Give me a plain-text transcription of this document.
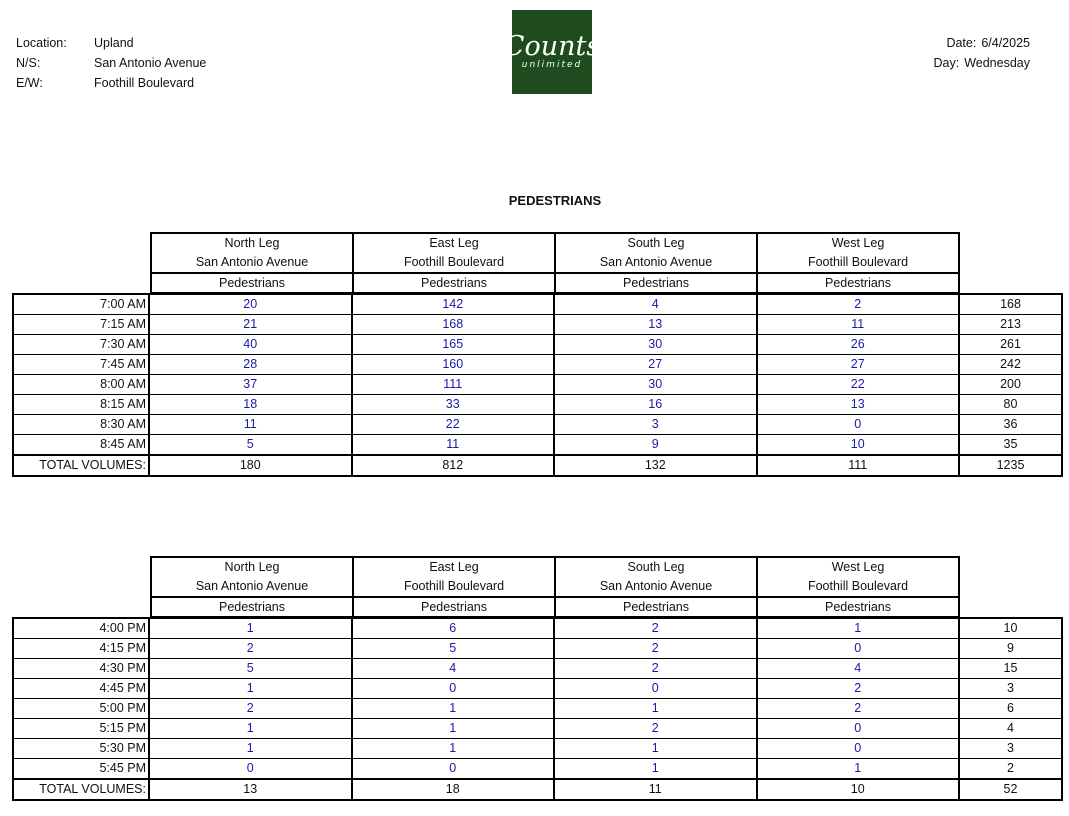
Location:	Upland
N/S:	San Antonio Avenue
E/W:	Foothill Boulevard
Counts
unlimited
Date: 6/4/2025
Day: Wednesday
PEDESTRIANS
North Leg
San Antonio Avenue
Pedestrians
East Leg
Foothill Boulevard
Pedestrians
South Leg
San Antonio Avenue
Pedestrians
West Leg
Foothill Boulevard
Pedestrians
7:00 AM	20	142	4	2	168
7:15 AM	21	168	13	11	213
7:30 AM	40	165	30	26	261
7:45 AM	28	160	27	27	242
8:00 AM	37	111	30	22	200
8:15 AM	18	33	16	13	80
8:30 AM	11	22	3	0	36
8:45 AM	5	11	9	10	35
TOTAL VOLUMES:	180	812	132	111	1235
North Leg
San Antonio Avenue
Pedestrians
East Leg
Foothill Boulevard
Pedestrians
South Leg
San Antonio Avenue
Pedestrians
West Leg
Foothill Boulevard
Pedestrians
4:00 PM	1	6	2	1	10
4:15 PM	2	5	2	0	9
4:30 PM	5	4	2	4	15
4:45 PM	1	0	0	2	3
5:00 PM	2	1	1	2	6
5:15 PM	1	1	2	0	4
5:30 PM	1	1	1	0	3
5:45 PM	0	0	1	1	2
TOTAL VOLUMES:	13	18	11	10	52
